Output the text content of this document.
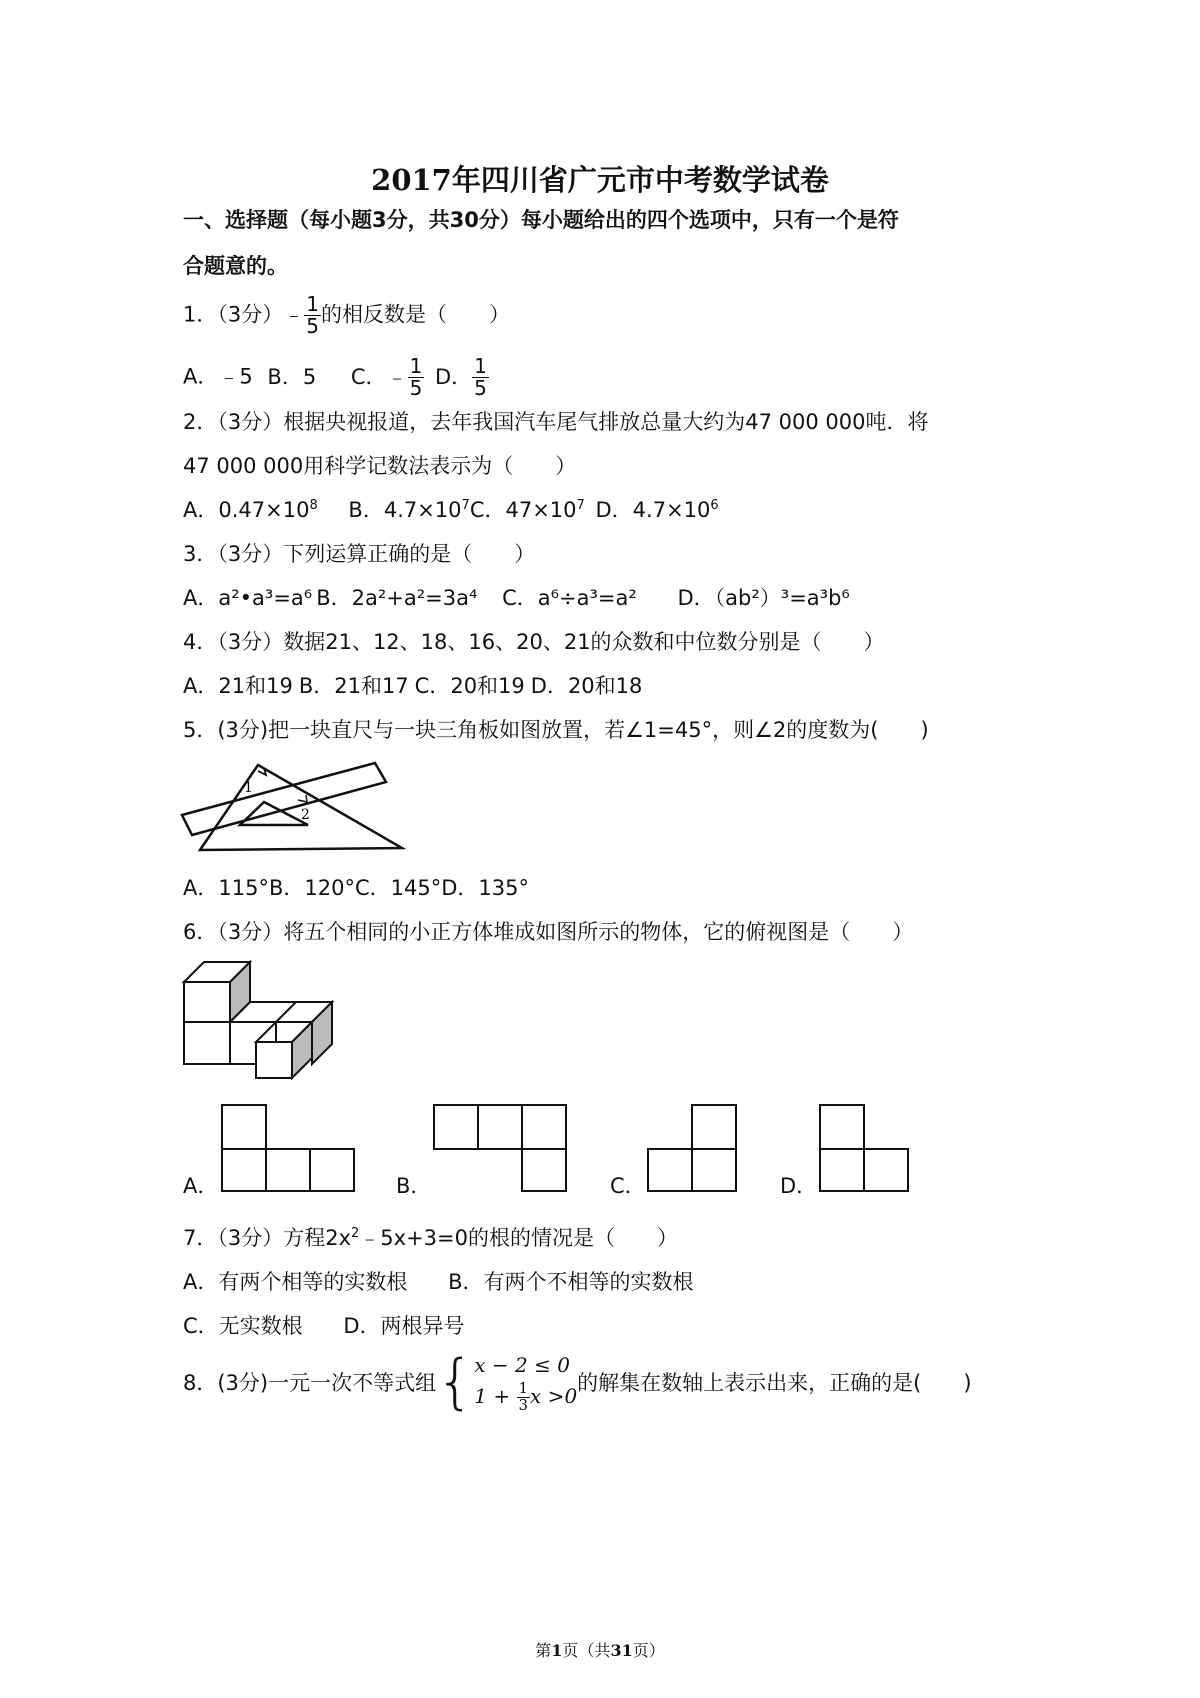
2017年四川省广元市中考数学试卷
一、选择题（每小题3分，共30分）每小题给出的四个选项中，只有一个是符
合题意的。
1．（3分）﹣ $\frac{1}{5}$ 的相反数是（　　）
A．﹣5 B．5 C．﹣ $\frac{1}{5}$ D． $\frac{1}{5}$
2．（3分）根据央视报道，去年我国汽车尾气排放总量大约为47 000 000吨．将
47 000 000用科学记数法表示为（　　）
A．$0.47\times 10^8$ B．$4.7\times 10^7C$．$47\times 10^7$ D．$4.7\times 10^6$
3．（3分）下列运算正确的是（　　）
A．a²•a³=a⁶ B．2a²+a²=3a⁴ C．a⁶÷a³=a² D．（ab²）³=a³b⁶
4．（3分）数据21、12、18、16、20、21的众数和中位数分别是（　　）
A．21和19 B．21和17 C．20和19 D．20和18
5．(3分)把一块直尺与一块三角板如图放置，若∠1=45°，则∠2的度数为(　　)
1
2
A．115°B．120°C．145°D．135°
6．（3分）将五个相同的小正方体堆成如图所示的物体，它的俯视图是（　　）
A．	B．	C．	D．
7．（3分）方程$2x^2﹣5x+3=0$的根的情况是（　　）
A．有两个相等的实数根 B．有两个不相等的实数根
C．无实数根 D．两根异号
8．(3分)一元一次不等式组{ x − 2 ≤ 0
$1 + \frac{1}{3}$ x >0
的解集在数轴上表示出来，正确的是(　　)
第1页（共31页）
